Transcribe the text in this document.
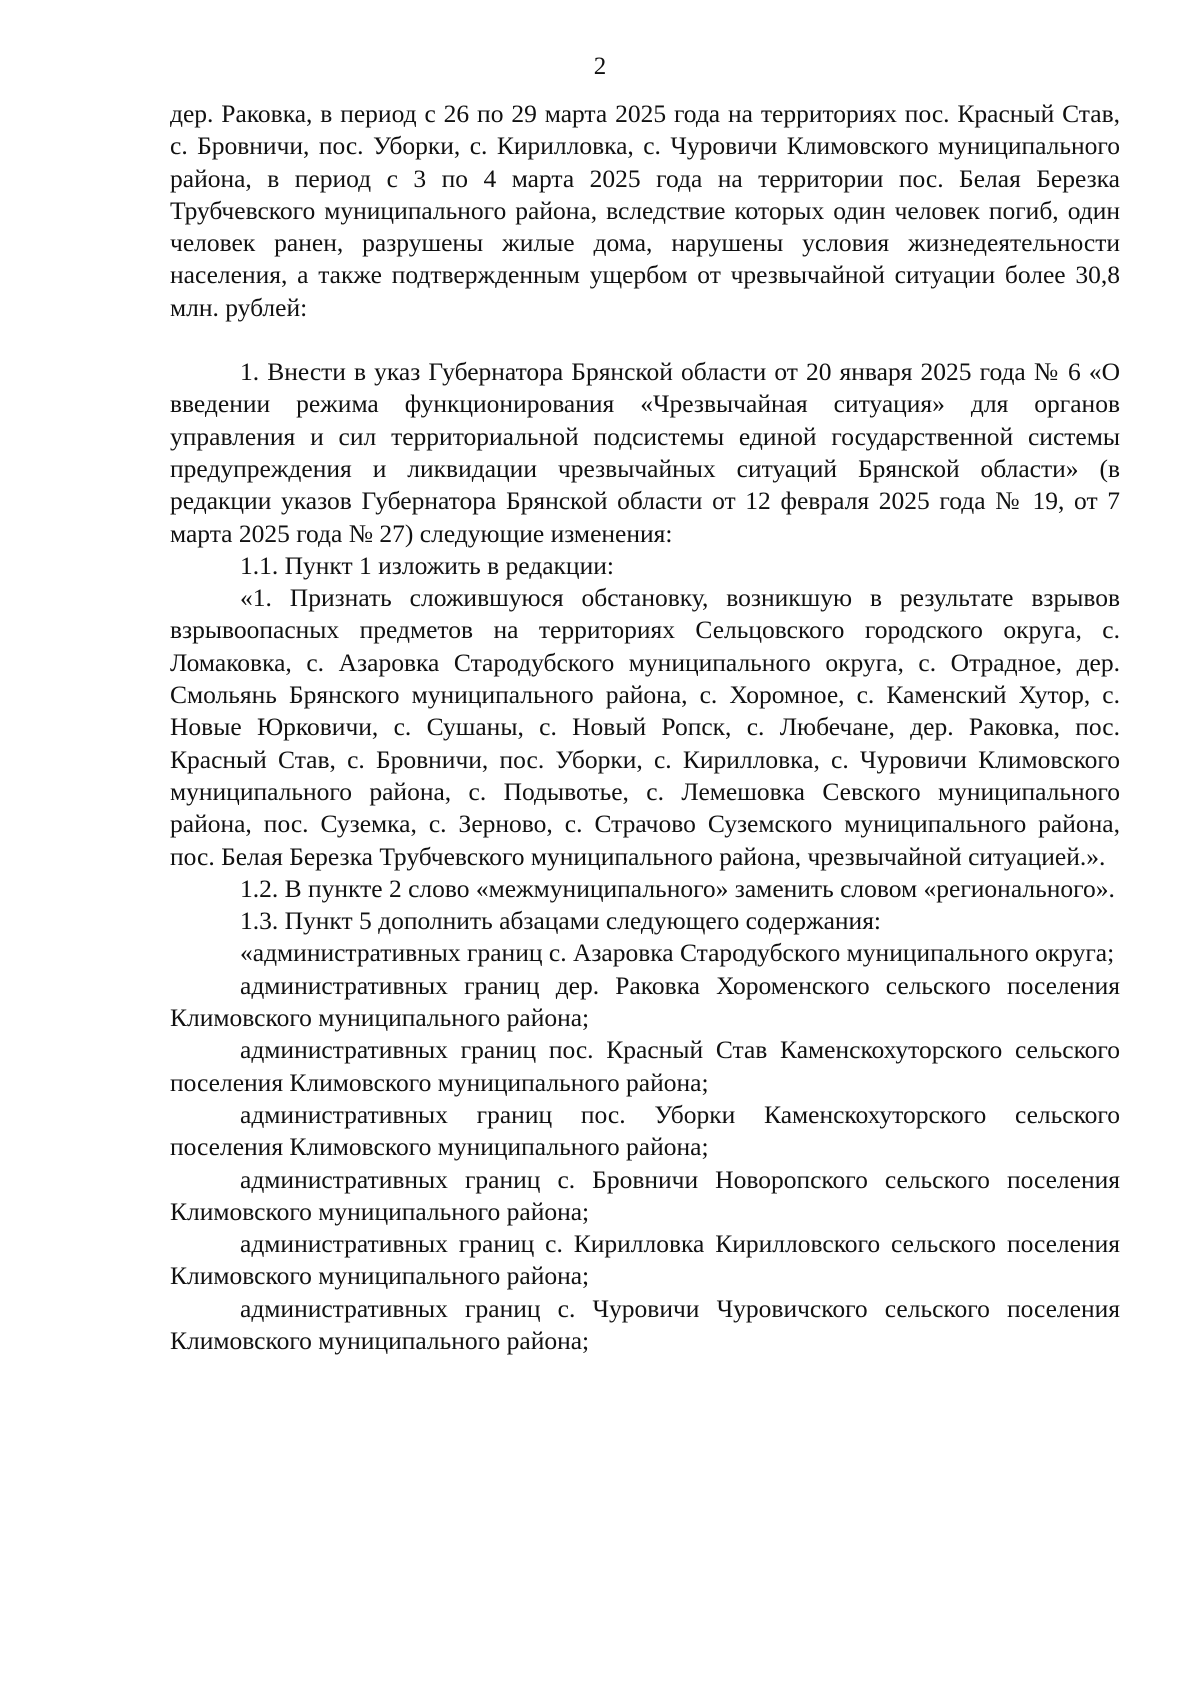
2

дер. Раковка, в период с 26 по 29 марта 2025 года на территориях пос. Красный Став, с. Бровничи, пос. Уборки, с. Кирилловка, с. Чуровичи Климовского муниципального района, в период с 3 по 4 марта 2025 года на территории пос. Белая Березка Трубчевского муниципального района, вследствие которых один человек погиб, один человек ранен, разрушены жилые дома, нарушены условия жизнедеятельности населения, а также подтвержденным ущербом от чрезвычайной ситуации более 30,8 млн. рублей:

1. Внести в указ Губернатора Брянской области от 20 января 2025 года № 6 «О введении режима функционирования «Чрезвычайная ситуация» для органов управления и сил территориальной подсистемы единой государственной системы предупреждения и ликвидации чрезвычайных ситуаций Брянской области» (в редакции указов Губернатора Брянской области от 12 февраля 2025 года № 19, от 7 марта 2025 года № 27) следующие изменения:

1.1. Пункт 1 изложить в редакции:

«1. Признать сложившуюся обстановку, возникшую в результате взрывов взрывоопасных предметов на территориях Сельцовского городского округа, с. Ломаковка, с. Азаровка Стародубского муниципального округа, с. Отрадное, дер. Смольянь Брянского муниципального района, с. Хоромное, с. Каменский Хутор, с. Новые Юрковичи, с. Сушаны, с. Новый Ропск, с. Любечане, дер. Раковка, пос. Красный Став, с. Бровничи, пос. Уборки, с. Кирилловка, с. Чуровичи Климовского муниципального района, с. Подывотье, с. Лемешовка Севского муниципального района, пос. Суземка, с. Зерново, с. Страчово Суземского муниципального района, пос. Белая Березка Трубчевского муниципального района, чрезвычайной ситуацией.».

1.2. В пункте 2 слово «межмуниципального» заменить словом «регионального».

1.3. Пункт 5 дополнить абзацами следующего содержания:

«административных границ с. Азаровка Стародубского муниципального округа;

административных границ дер. Раковка Хороменского сельского поселения Климовского муниципального района;

административных границ пос. Красный Став Каменскохуторского сельского поселения Климовского муниципального района;

административных границ пос. Уборки Каменскохуторского сельского поселения Климовского муниципального района;

административных границ с. Бровничи Новоропского сельского поселения Климовского муниципального района;

административных границ с. Кирилловка Кирилловского сельского поселения Климовского муниципального района;

административных границ с. Чуровичи Чуровичского сельского поселения Климовского муниципального района;
